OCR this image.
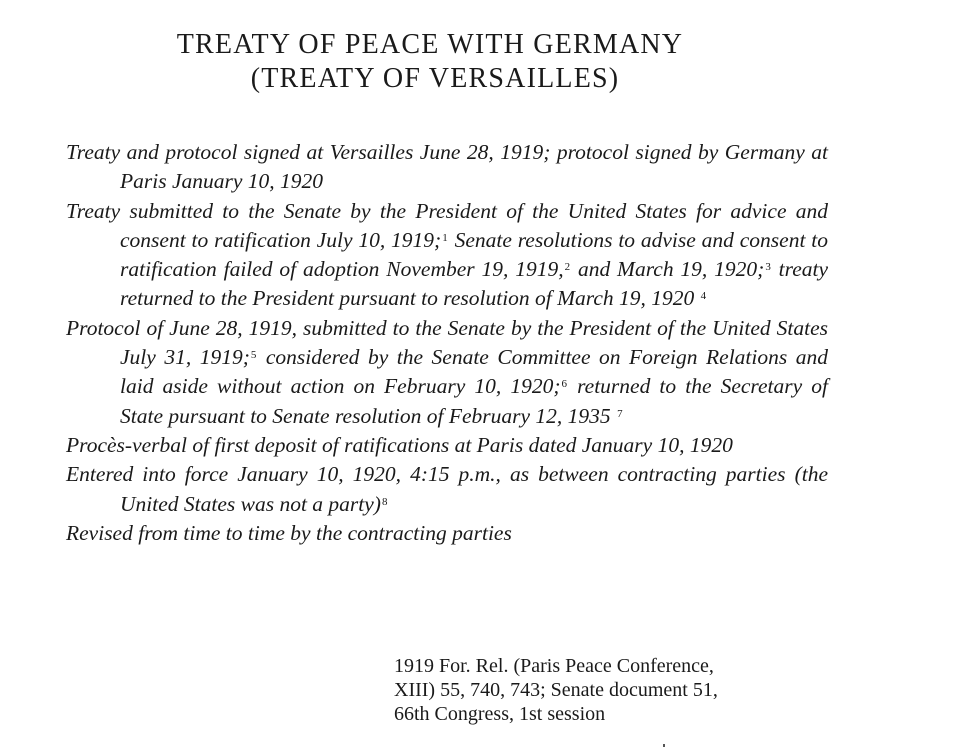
TREATY OF PEACE WITH GERMANY
(TREATY OF VERSAILLES)

Treaty and protocol signed at Versailles June 28, 1919; protocol signed by Germany at Paris January 10, 1920

Treaty submitted to the Senate by the President of the United States for advice and consent to ratification July 10, 1919;$^1$ Senate resolutions to advise and consent to ratification failed of adoption November 19, 1919,$^2$ and March 19, 1920;$^3$ treaty returned to the President pursuant to resolution of March 19, 1920 $^4$

Protocol of June 28, 1919, submitted to the Senate by the President of the United States July 31, 1919;$^5$ considered by the Senate Committee on Foreign Relations and laid aside without action on February 10, 1920;$^6$ returned to the Secretary of State pursuant to Senate resolution of February 12, 1935 $^7$

Procès-verbal of first deposit of ratifications at Paris dated January 10, 1920

Entered into force January 10, 1920, 4:15 p.m., as between contracting parties (the United States was not a party)$^8$

Revised from time to time by the contracting parties

1919 For. Rel. (Paris Peace Conference,
XIII) 55, 740, 743; Senate document 51,
66th Congress, 1st session
